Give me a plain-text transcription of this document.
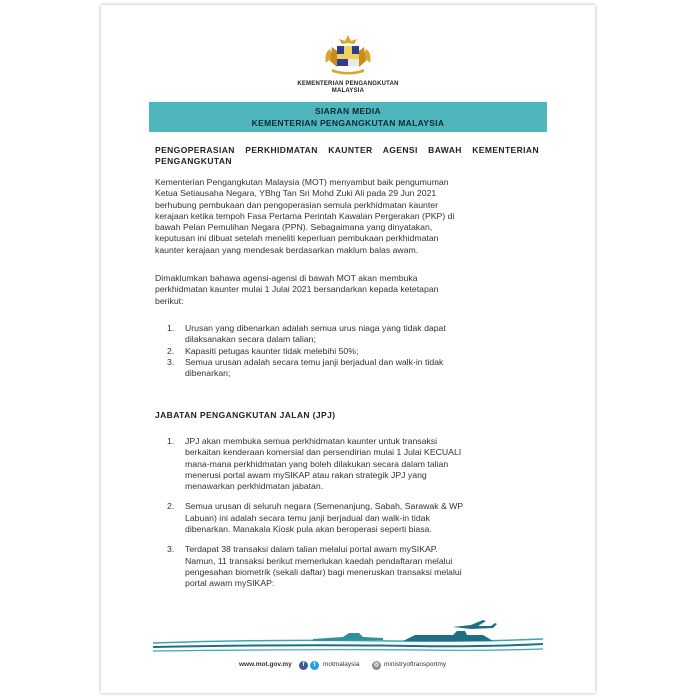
KEMENTERIAN PENGANGKUTAN
MALAYSIA
SIARAN MEDIA
KEMENTERIAN PENGANGKUTAN MALAYSIA
PENGOPERASIAN PERKHIDMATAN KAUNTER AGENSI BAWAH KEMENTERIAN
PENGANGKUTAN
Kementerian Pengangkutan Malaysia (MOT) menyambut baik pengumuman
Ketua Setiausaha Negara, YBhg Tan Sri Mohd Zuki Ali pada 29 Jun 2021
berhubung pembukaan dan pengoperasian semula perkhidmatan kaunter
kerajaan ketika tempoh Fasa Pertama Perintah Kawalan Pergerakan (PKP) di
bawah Pelan Pemulihan Negara (PPN). Sebagaimana yang dinyatakan,
keputusan ini dibuat setelah meneliti keperluan pembukaan perkhidmatan
kaunter kerajaan yang mendesak berdasarkan maklum balas awam.
Dimaklumkan bahawa agensi-agensi di bawah MOT akan membuka
perkhidmatan kaunter mulai 1 Julai 2021 bersandarkan kepada ketetapan
berikut:
1. Urusan yang dibenarkan adalah semua urus niaga yang tidak dapat
dilaksanakan secara dalam talian;
2. Kapasiti petugas kaunter tidak melebihi 50%;
3. Semua urusan adalah secara temu janji berjadual dan walk-in tidak
dibenarkan;
JABATAN PENGANGKUTAN JALAN (JPJ)
1. JPJ akan membuka semua perkhidmatan kaunter untuk transaksi
berkaitan kenderaan komersial dan persendirian mulai 1 Julai KECUALI
mana-mana perkhidmatan yang boleh dilakukan secara dalam talian
menerusi portal awam mySIKAP atau rakan strategik JPJ yang
menawarkan perkhidmatan jabatan.
2. Semua urusan di seluruh negara (Semenanjung, Sabah, Sarawak & WP
Labuan) ini adalah secara temu janji berjadual dan walk-in tidak
dibenarkan. Manakala Kiosk pula akan beroperasi seperti biasa.
3. Terdapat 38 transaksi dalam talian melalui portal awam mySIKAP.
Namun, 11 transaksi berikut memerlukan kaedah pendaftaran melalui
pengesahan biometrik (sekali daftar) bagi meneruskan transaksi melalui
portal awam mySIKAP:
www.mot.gov.my	f	t	motmalaysia	◎ ministryoftransportmy
